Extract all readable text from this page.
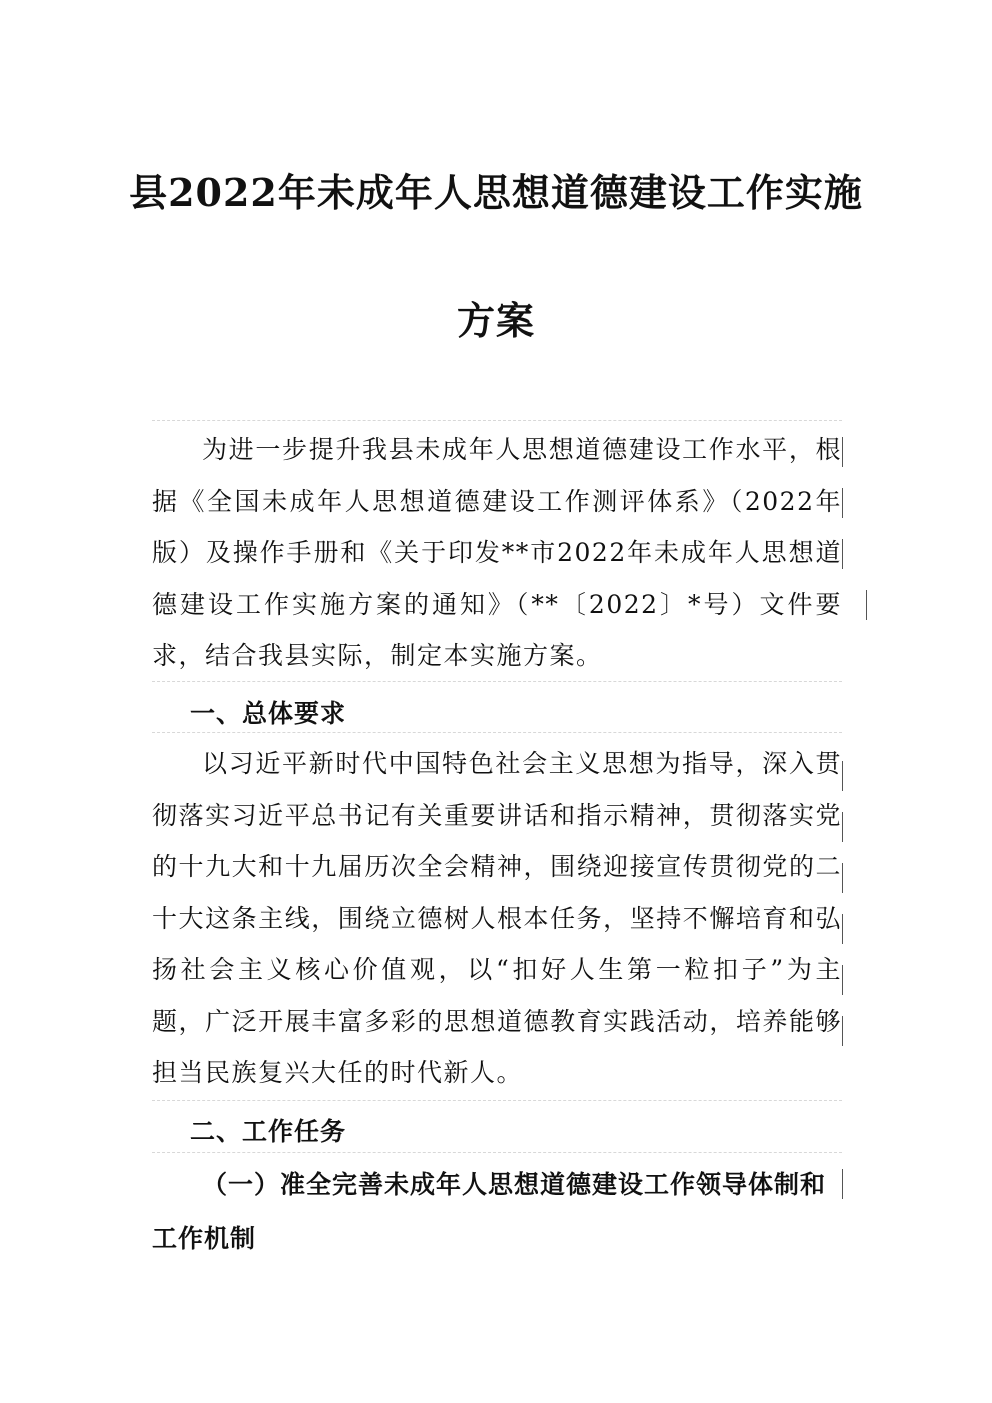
县2022年未成年人思想道德建设工作实施
方案

为进一步提升我县未成年人思想道德建设工作水平，根据《全国未成年人思想道德建设工作测评体系》（2022年版）及操作手册和《关于印发**市2022年未成年人思想道德建设工作实施方案的通知》（**〔2022〕*号）文件要求，结合我县实际，制定本实施方案。

一、总体要求

以习近平新时代中国特色社会主义思想为指导，深入贯彻落实习近平总书记有关重要讲话和指示精神，贯彻落实党的十九大和十九届历次全会精神，围绕迎接宣传贯彻党的二十大这条主线，围绕立德树人根本任务，坚持不懈培育和弘扬社会主义核心价值观，以“扣好人生第一粒扣子”为主题，广泛开展丰富多彩的思想道德教育实践活动，培养能够担当民族复兴大任的时代新人。

二、工作任务
（一）准全完善未成年人思想道德建设工作领导体制和工作机制
